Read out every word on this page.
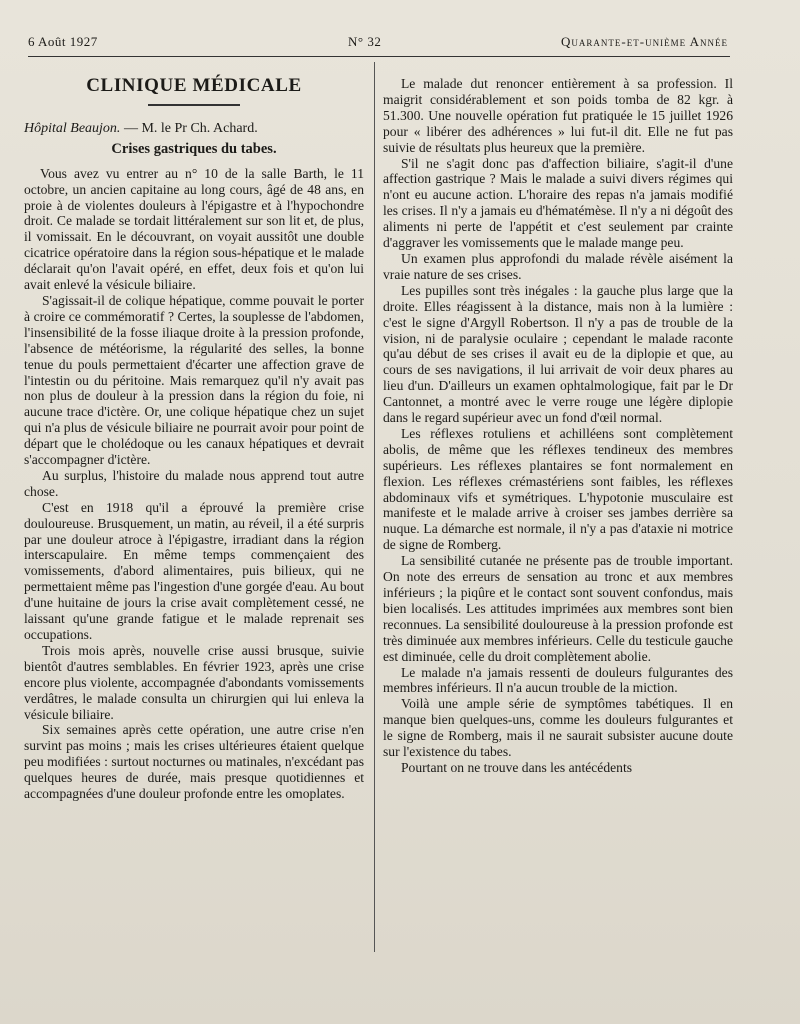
6 Août 1927	N° 32	Quarante-et-unième Année
CLINIQUE MÉDICALE
Hôpital Beaujon. — M. le Pr Ch. Achard.
Crises gastriques du tabes.

Vous avez vu entrer au n° 10 de la salle Barth, le 11 octobre, un ancien capitaine au long cours, âgé de 48 ans, en proie à de violentes douleurs à l'épigastre et à l'hypochondre droit. Ce malade se tordait littéralement sur son lit et, de plus, il vomissait. En le découvrant, on voyait aussitôt une double cicatrice opératoire dans la région sous-hépatique et le malade déclarait qu'on l'avait opéré, en effet, deux fois et qu'on lui avait enlevé la vésicule biliaire.

S'agissait-il de colique hépatique, comme pouvait le porter à croire ce commémoratif ? Certes, la souplesse de l'abdomen, l'insensibilité de la fosse iliaque droite à la pression profonde, l'absence de météorisme, la régularité des selles, la bonne tenue du pouls permettaient d'écarter une affection grave de l'intestin ou du péritoine. Mais remarquez qu'il n'y avait pas non plus de douleur à la pression dans la région du foie, ni aucune trace d'ictère. Or, une colique hépatique chez un sujet qui n'a plus de vésicule biliaire ne pourrait avoir pour point de départ que le cholédoque ou les canaux hépatiques et devrait s'accompagner d'ictère.

Au surplus, l'histoire du malade nous apprend tout autre chose.

C'est en 1918 qu'il a éprouvé la première crise douloureuse. Brusquement, un matin, au réveil, il a été surpris par une douleur atroce à l'épigastre, irradiant dans la région interscapulaire. En même temps commençaient des vomissements, d'abord alimentaires, puis bilieux, qui ne permettaient même pas l'ingestion d'une gorgée d'eau. Au bout d'une huitaine de jours la crise avait complètement cessé, ne laissant qu'une grande fatigue et le malade reprenait ses occupations.

Trois mois après, nouvelle crise aussi brusque, suivie bientôt d'autres semblables. En février 1923, après une crise encore plus violente, accompagnée d'abondants vomissements verdâtres, le malade consulta un chirurgien qui lui enleva la vésicule biliaire.

Six semaines après cette opération, une autre crise n'en survint pas moins ; mais les crises ultérieures étaient quelque peu modifiées : surtout nocturnes ou matinales, n'excédant pas quelques heures de durée, mais presque quotidiennes et accompagnées d'une douleur profonde entre les omoplates.

Le malade dut renoncer entièrement à sa profession. Il maigrit considérablement et son poids tomba de 82 kgr. à 51.300. Une nouvelle opération fut pratiquée le 15 juillet 1926 pour « libérer des adhérences » lui fut-il dit. Elle ne fut pas suivie de résultats plus heureux que la première.

S'il ne s'agit donc pas d'affection biliaire, s'agit-il d'une affection gastrique ? Mais le malade a suivi divers régimes qui n'ont eu aucune action. L'horaire des repas n'a jamais modifié les crises. Il n'y a jamais eu d'hématémèse. Il n'y a ni dégoût des aliments ni perte de l'appétit et c'est seulement par crainte d'aggraver les vomissements que le malade mange peu.

Un examen plus approfondi du malade révèle aisément la vraie nature de ses crises.

Les pupilles sont très inégales : la gauche plus large que la droite. Elles réagissent à la distance, mais non à la lumière : c'est le signe d'Argyll Robertson. Il n'y a pas de trouble de la vision, ni de paralysie oculaire ; cependant le malade raconte qu'au début de ses crises il avait eu de la diplopie et que, au cours de ses navigations, il lui arrivait de voir deux phares au lieu d'un. D'ailleurs un examen ophtalmologique, fait par le Dr Cantonnet, a montré avec le verre rouge une légère diplopie dans le regard supérieur avec un fond d'œil normal.

Les réflexes rotuliens et achilléens sont complètement abolis, de même que les réflexes tendineux des membres supérieurs. Les réflexes plantaires se font normalement en flexion. Les réflexes crémastériens sont faibles, les réflexes abdominaux vifs et symétriques. L'hypotonie musculaire est manifeste et le malade arrive à croiser ses jambes derrière sa nuque. La démarche est normale, il n'y a pas d'ataxie ni motrice de signe de Romberg.

La sensibilité cutanée ne présente pas de trouble important. On note des erreurs de sensation au tronc et aux membres inférieurs ; la piqûre et le contact sont souvent confondus, mais bien localisés. Les attitudes imprimées aux membres sont bien reconnues. La sensibilité douloureuse à la pression profonde est très diminuée aux membres inférieurs. Celle du testicule gauche est diminuée, celle du droit complètement abolie.

Le malade n'a jamais ressenti de douleurs fulgurantes des membres inférieurs. Il n'a aucun trouble de la miction.

Voilà une ample série de symptômes tabétiques. Il en manque bien quelques-uns, comme les douleurs fulgurantes et le signe de Romberg, mais il ne saurait subsister aucune doute sur l'existence du tabes.

Pourtant on ne trouve dans les antécédents
